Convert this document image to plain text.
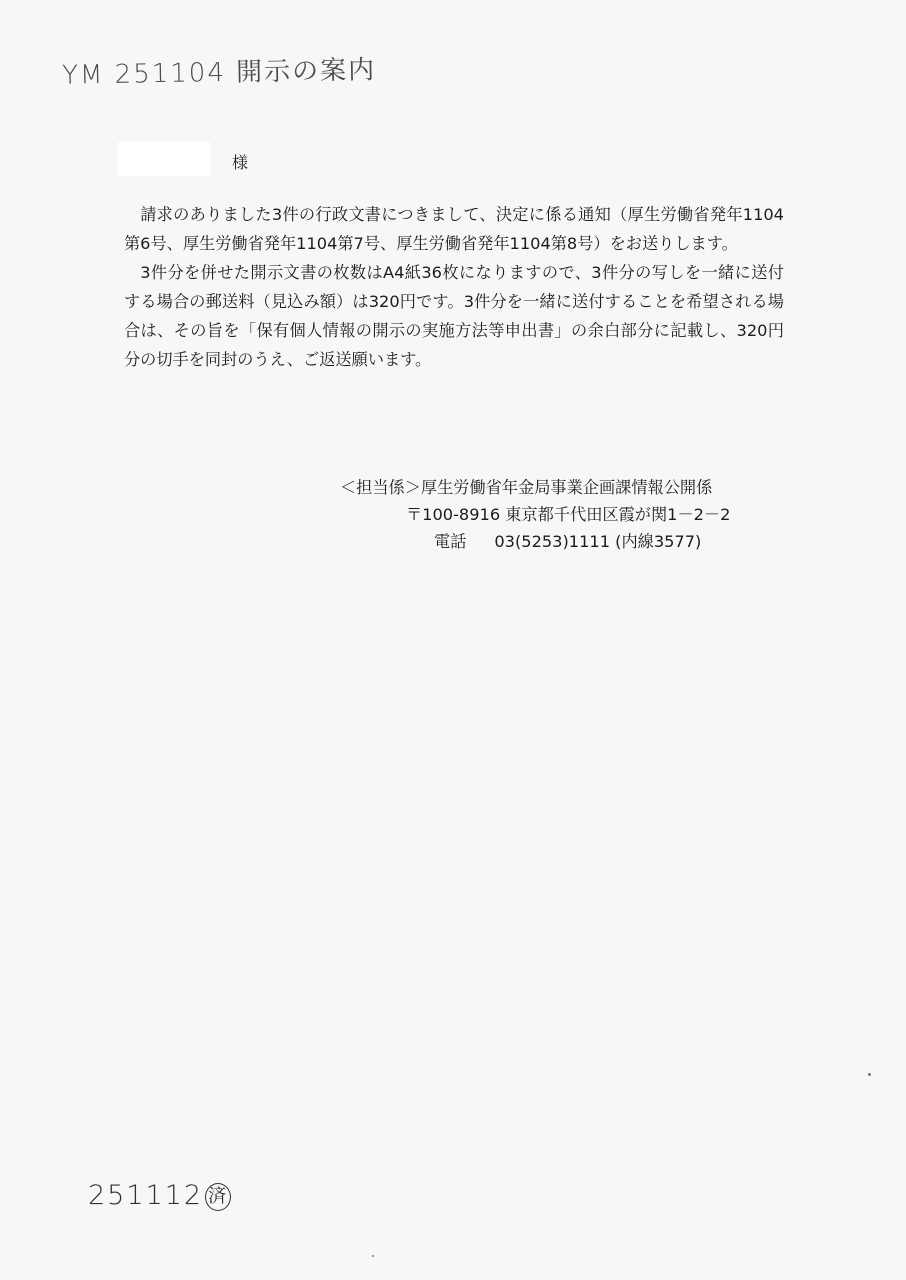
YM 251104 開示の案内
様

請求のありました3件の行政文書につきまして、決定に係る通知（厚生労働省発年1104第6号、厚生労働省発年1104第7号、厚生労働省発年1104第8号）をお送りします。

3件分を併せた開示文書の枚数はA4紙36枚になりますので、3件分の写しを一緒に送付する場合の郵送料（見込み額）は320円です。3件分を一緒に送付することを希望される場合は、その旨を「保有個人情報の開示の実施方法等申出書」の余白部分に記載し、320円分の切手を同封のうえ、ご返送願います。

＜担当係＞厚生労働省年金局事業企画課情報公開係
〒100-8916 東京都千代田区霞が関1－2－2
電話 03(5253)1111 (内線3577)
251112 済
